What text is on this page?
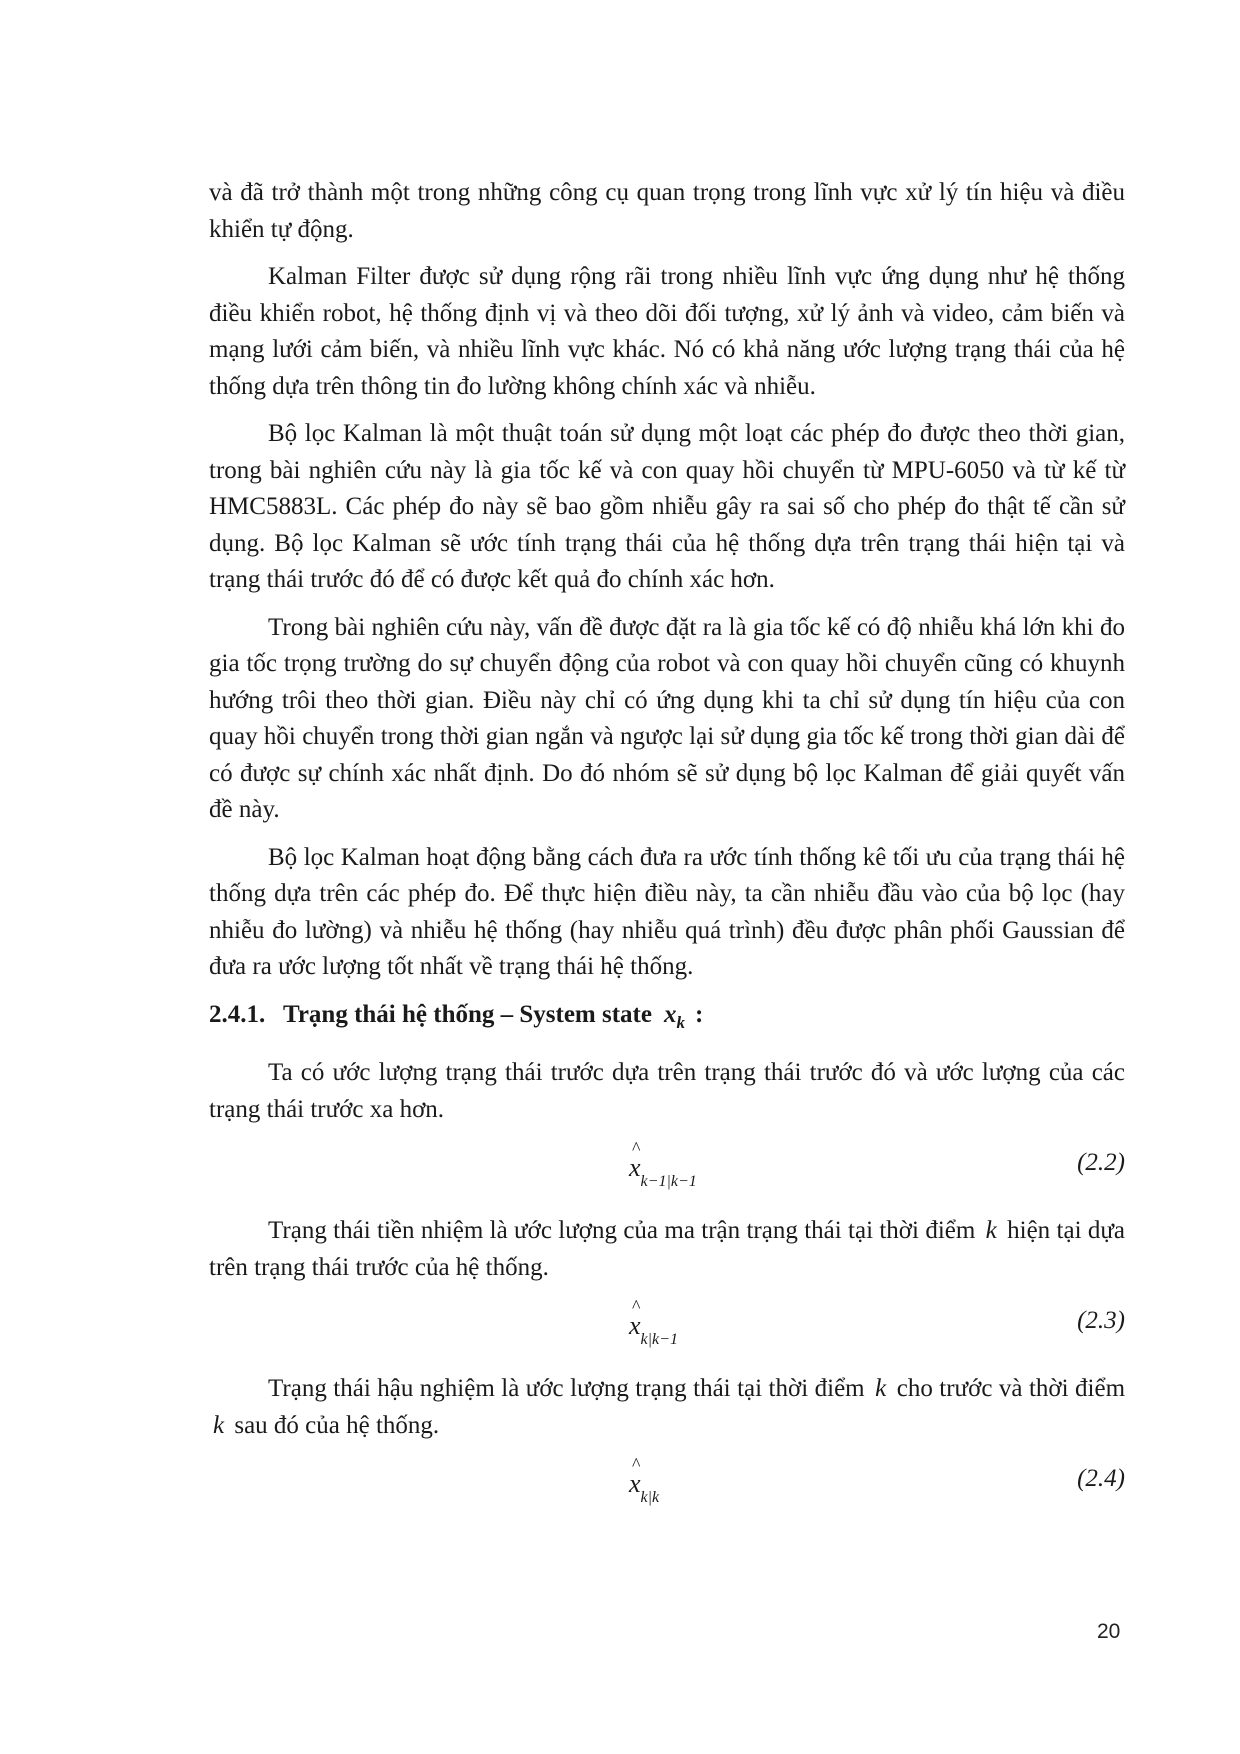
và đã trở thành một trong những công cụ quan trọng trong lĩnh vực xử lý tín hiệu và điều khiển tự động.

Kalman Filter được sử dụng rộng rãi trong nhiều lĩnh vực ứng dụng như hệ thống điều khiển robot, hệ thống định vị và theo dõi đối tượng, xử lý ảnh và video, cảm biến và mạng lưới cảm biến, và nhiều lĩnh vực khác. Nó có khả năng ước lượng trạng thái của hệ thống dựa trên thông tin đo lường không chính xác và nhiễu.

Bộ lọc Kalman là một thuật toán sử dụng một loạt các phép đo được theo thời gian, trong bài nghiên cứu này là gia tốc kế và con quay hồi chuyển từ MPU-6050 và từ kế từ HMC5883L. Các phép đo này sẽ bao gồm nhiễu gây ra sai số cho phép đo thật tế cần sử dụng. Bộ lọc Kalman sẽ ước tính trạng thái của hệ thống dựa trên trạng thái hiện tại và trạng thái trước đó để có được kết quả đo chính xác hơn.

Trong bài nghiên cứu này, vấn đề được đặt ra là gia tốc kế có độ nhiễu khá lớn khi đo gia tốc trọng trường do sự chuyển động của robot và con quay hồi chuyển cũng có khuynh hướng trôi theo thời gian. Điều này chỉ có ứng dụng khi ta chỉ sử dụng tín hiệu của con quay hồi chuyển trong thời gian ngắn và ngược lại sử dụng gia tốc kế trong thời gian dài để có được sự chính xác nhất định. Do đó nhóm sẽ sử dụng bộ lọc Kalman để giải quyết vấn đề này.

Bộ lọc Kalman hoạt động bằng cách đưa ra ước tính thống kê tối ưu của trạng thái hệ thống dựa trên các phép đo. Để thực hiện điều này, ta cần nhiễu đầu vào của bộ lọc (hay nhiễu đo lường) và nhiễu hệ thống (hay nhiễu quá trình) đều được phân phối Gaussian để đưa ra ước lượng tốt nhất về trạng thái hệ thống.

2.4.1. Trạng thái hệ thống – System state $x_k$ :

Ta có ước lượng trạng thái trước dựa trên trạng thái trước đó và ước lượng của các trạng thái trước xa hơn.

^ $x_{k-1|k-1}$
(2.2)

Trạng thái tiền nhiệm là ước lượng của ma trận trạng thái tại thời điểm k hiện tại dựa trên trạng thái trước của hệ thống.

^ $x_{k|k-1}$
(2.3)

Trạng thái hậu nghiệm là ước lượng trạng thái tại thời điểm k cho trước và thời điểm k sau đó của hệ thống.

^ $x_{k|k}$
(2.4)
20
